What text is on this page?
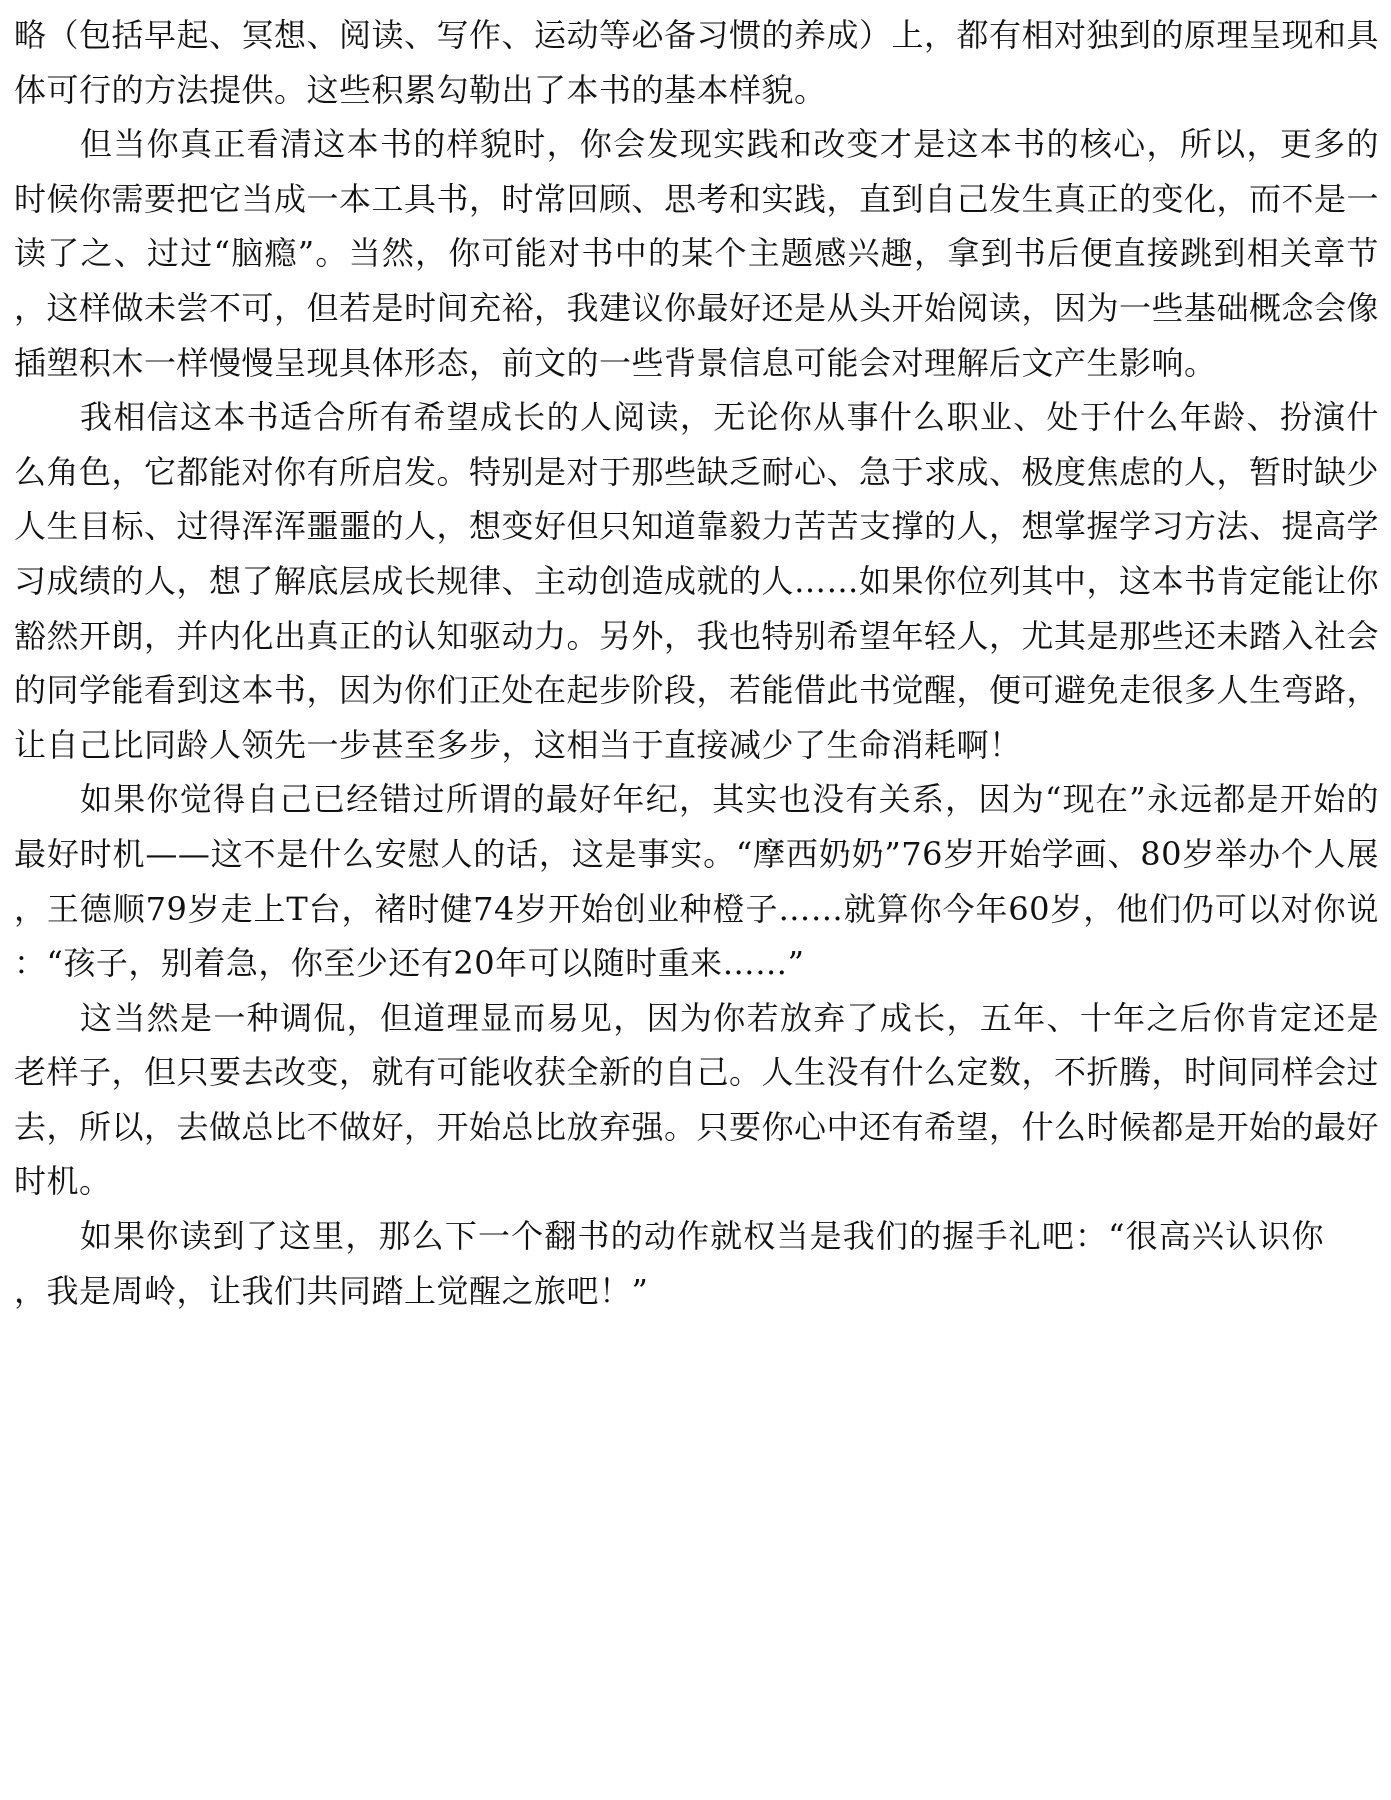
略（包括早起、冥想、阅读、写作、运动等必备习惯的养成）上，都有相对独到的原理呈现和具体可行的方法提供。这些积累勾勒出了本书的基本样貌。

但当你真正看清这本书的样貌时，你会发现实践和改变才是这本书的核心，所以，更多的时候你需要把它当成一本工具书，时常回顾、思考和实践，直到自己发生真正的变化，而不是一读了之、过过“脑瘾”。当然，你可能对书中的某个主题感兴趣，拿到书后便直接跳到相关章节，这样做未尝不可，但若是时间充裕，我建议你最好还是从头开始阅读，因为一些基础概念会像插塑积木一样慢慢呈现具体形态，前文的一些背景信息可能会对理解后文产生影响。

我相信这本书适合所有希望成长的人阅读，无论你从事什么职业、处于什么年龄、扮演什么角色，它都能对你有所启发。特别是对于那些缺乏耐心、急于求成、极度焦虑的人，暂时缺少人生目标、过得浑浑噩噩的人，想变好但只知道靠毅力苦苦支撑的人，想掌握学习方法、提高学习成绩的人，想了解底层成长规律、主动创造成就的人……如果你位列其中，这本书肯定能让你豁然开朗，并内化出真正的认知驱动力。另外，我也特别希望年轻人，尤其是那些还未踏入社会的同学能看到这本书，因为你们正处在起步阶段，若能借此书觉醒，便可避免走很多人生弯路，让自己比同龄人领先一步甚至多步，这相当于直接减少了生命消耗啊！

如果你觉得自己已经错过所谓的最好年纪，其实也没有关系，因为“现在”永远都是开始的最好时机——这不是什么安慰人的话，这是事实。“摩西奶奶”76岁开始学画、80岁举办个人展，王德顺79岁走上T台，褚时健74岁开始创业种橙子……就算你今年60岁，他们仍可以对你说：“孩子，别着急，你至少还有20年可以随时重来……”

这当然是一种调侃，但道理显而易见，因为你若放弃了成长，五年、十年之后你肯定还是老样子，但只要去改变，就有可能收获全新的自己。人生没有什么定数，不折腾，时间同样会过去，所以，去做总比不做好，开始总比放弃强。只要你心中还有希望，什么时候都是开始的最好时机。

如果你读到了这里，那么下一个翻书的动作就权当是我们的握手礼吧：“很高兴认识你，我是周岭，让我们共同踏上觉醒之旅吧！”
